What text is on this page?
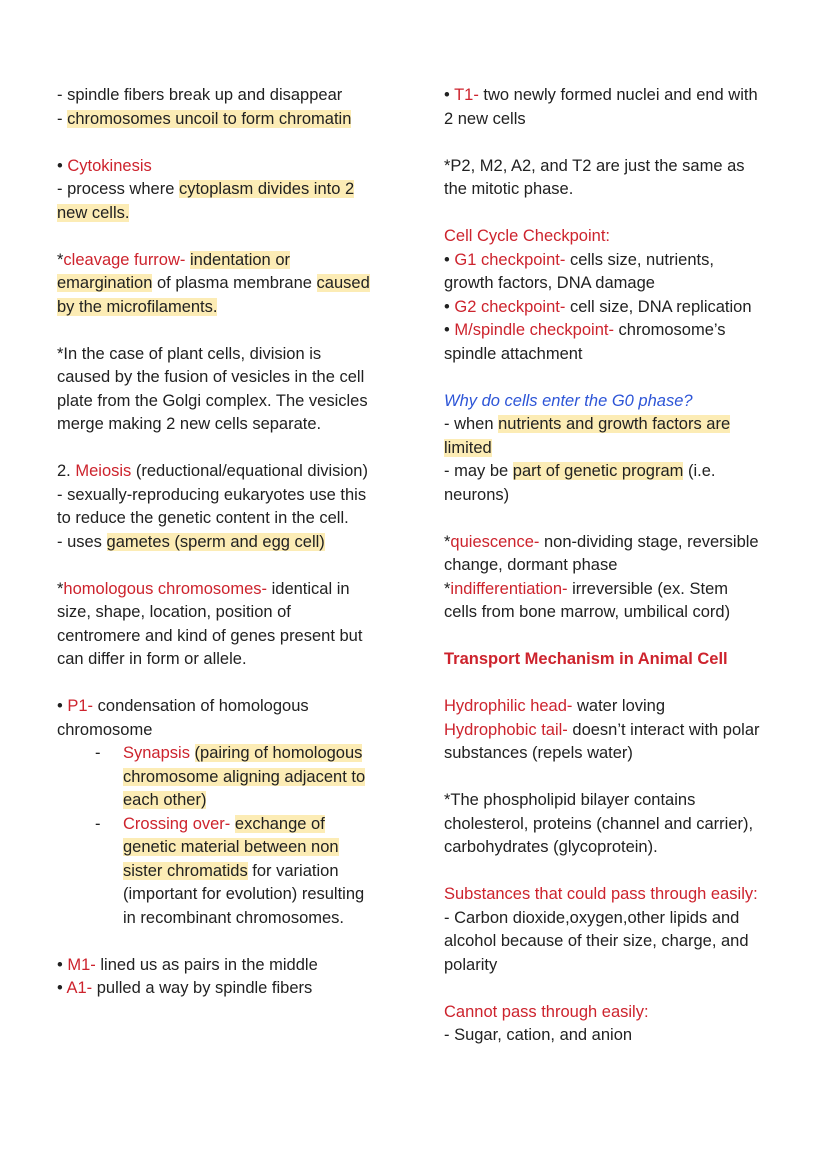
- spindle fibers break up and disappear
- chromosomes uncoil to form chromatin
• Cytokinesis
- process where cytoplasm divides into 2 new cells.
*cleavage furrow- indentation or emargination of plasma membrane caused by the microfilaments.
*In the case of plant cells, division is caused by the fusion of vesicles in the cell plate from the Golgi complex. The vesicles merge making 2 new cells separate.
2. Meiosis (reductional/equational division)
- sexually-reproducing eukaryotes use this to reduce the genetic content in the cell.
- uses gametes (sperm and egg cell)
*homologous chromosomes- identical in size, shape, location, position of centromere and kind of genes present but can differ in form or allele.
• P1- condensation of homologous chromosome
- Synapsis (pairing of homologous chromosome aligning adjacent to each other)
- Crossing over- exchange of genetic material between non sister chromatids for variation (important for evolution) resulting in recombinant chromosomes.
• M1- lined us as pairs in the middle
• A1- pulled a way by spindle fibers
• T1- two newly formed nuclei and end with 2 new cells
*P2, M2, A2, and T2 are just the same as the mitotic phase.
Cell Cycle Checkpoint:
• G1 checkpoint- cells size, nutrients, growth factors, DNA damage
• G2 checkpoint- cell size, DNA replication
• M/spindle checkpoint- chromosome’s spindle attachment
Why do cells enter the G0 phase?
- when nutrients and growth factors are limited
- may be part of genetic program (i.e. neurons)
*quiescence- non-dividing stage, reversible change, dormant phase
*indifferentiation- irreversible (ex. Stem cells from bone marrow, umbilical cord)
Transport Mechanism in Animal Cell
Hydrophilic head- water loving
Hydrophobic tail- doesn’t interact with polar substances (repels water)
*The phospholipid bilayer contains cholesterol, proteins (channel and carrier), carbohydrates (glycoprotein).
Substances that could pass through easily:
- Carbon dioxide,oxygen,other lipids and alcohol because of their size, charge, and polarity
Cannot pass through easily:
- Sugar, cation, and anion
